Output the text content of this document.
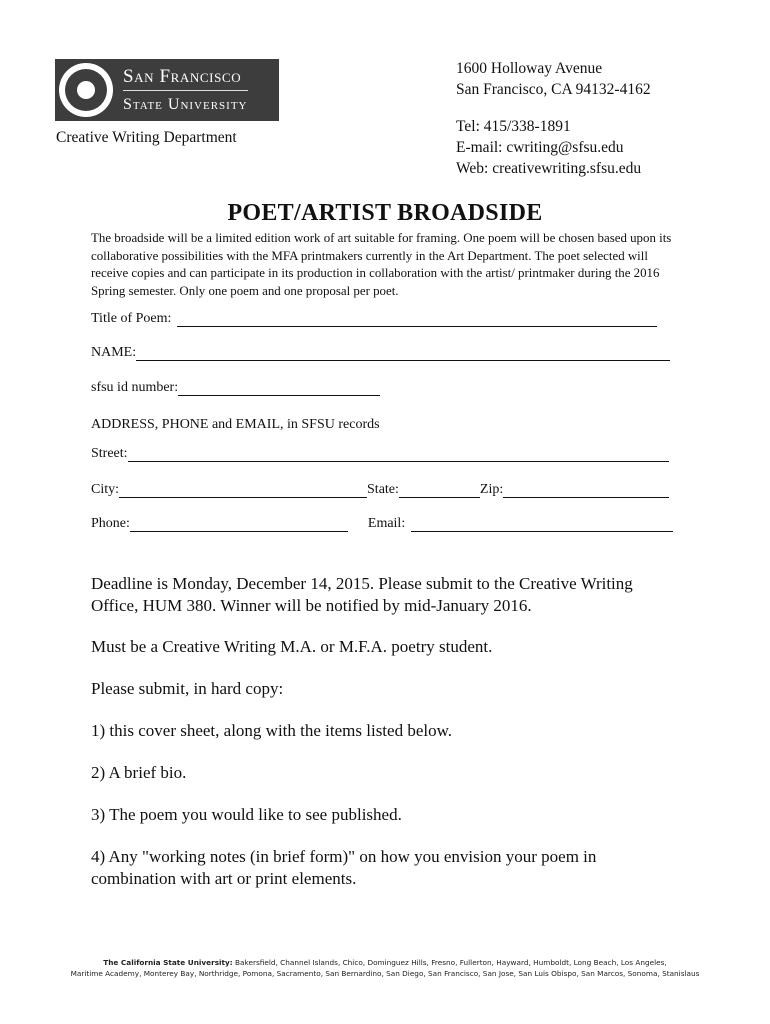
San Francisco
State University
Creative Writing Department
1600 Holloway Avenue
San Francisco, CA 94132-4162
Tel: 415/338-1891
E-mail: cwriting@sfsu.edu
Web: creativewriting.sfsu.edu
POET/ARTIST BROADSIDE
The broadside will be a limited edition work of art suitable for framing. One poem will be chosen based upon its collaborative possibilities with the MFA printmakers currently in the Art Department. The poet selected will receive copies and can participate in its production in collaboration with the artist/ printmaker during the 2016 Spring semester. Only one poem and one proposal per poet.
Title of Poem:
NAME:
sfsu id number:
ADDRESS, PHONE and EMAIL, in SFSU records
Street:
City:	State:	Zip:
Phone:	Email:
Deadline is Monday, December 14, 2015. Please submit to the Creative Writing
Office, HUM 380. Winner will be notified by mid-January 2016.
Must be a Creative Writing M.A. or M.F.A. poetry student.
Please submit, in hard copy:
1) this cover sheet, along with the items listed below.
2) A brief bio.
3) The poem you would like to see published.
4) Any "working notes (in brief form)" on how you envision your poem in
combination with art or print elements.
The California State University: Bakersfield, Channel Islands, Chico, Dominguez Hills, Fresno, Fullerton, Hayward, Humboldt, Long Beach, Los Angeles,
Maritime Academy, Monterey Bay, Northridge, Pomona, Sacramento, San Bernardino, San Diego, San Francisco, San Jose, San Luis Obispo, San Marcos, Sonoma, Stanislaus
